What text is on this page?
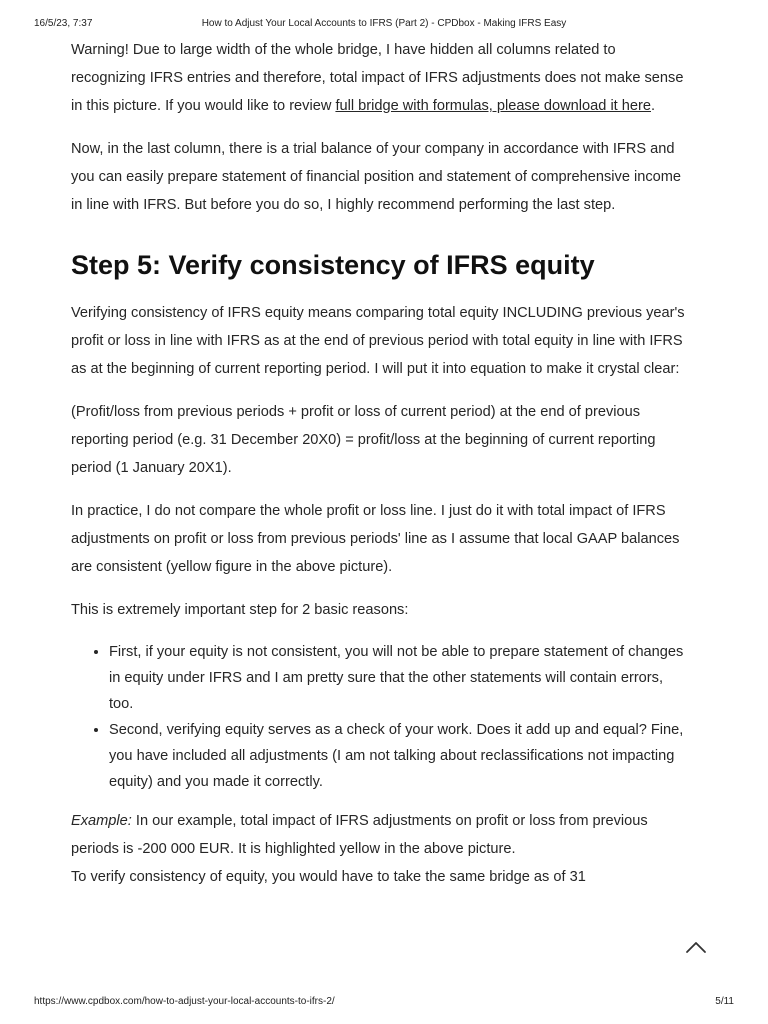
16/5/23, 7:37	How to Adjust Your Local Accounts to IFRS (Part 2) - CPDbox - Making IFRS Easy

Warning! Due to large width of the whole bridge, I have hidden all columns related to recognizing IFRS entries and therefore, total impact of IFRS adjustments does not make sense in this picture. If you would like to review full bridge with formulas, please download it here.

Now, in the last column, there is a trial balance of your company in accordance with IFRS and you can easily prepare statement of financial position and statement of comprehensive income in line with IFRS. But before you do so, I highly recommend performing the last step.

Step 5: Verify consistency of IFRS equity

Verifying consistency of IFRS equity means comparing total equity INCLUDING previous year's profit or loss in line with IFRS as at the end of previous period with total equity in line with IFRS as at the beginning of current reporting period. I will put it into equation to make it crystal clear:

(Profit/loss from previous periods + profit or loss of current period) at the end of previous reporting period (e.g. 31 December 20X0) = profit/loss at the beginning of current reporting period (1 January 20X1).

In practice, I do not compare the whole profit or loss line. I just do it with total impact of IFRS adjustments on profit or loss from previous periods' line as I assume that local GAAP balances are consistent (yellow figure in the above picture).

This is extremely important step for 2 basic reasons:

• First, if your equity is not consistent, you will not be able to prepare statement of changes in equity under IFRS and I am pretty sure that the other statements will contain errors, too.
• Second, verifying equity serves as a check of your work. Does it add up and equal? Fine, you have included all adjustments (I am not talking about reclassifications not impacting equity) and you made it correctly.

Example: In our example, total impact of IFRS adjustments on profit or loss from previous periods is -200 000 EUR. It is highlighted yellow in the above picture.

To verify consistency of equity, you would have to take the same bridge as of 31

https://www.cpdbox.com/how-to-adjust-your-local-accounts-to-ifrs-2/	5/11
